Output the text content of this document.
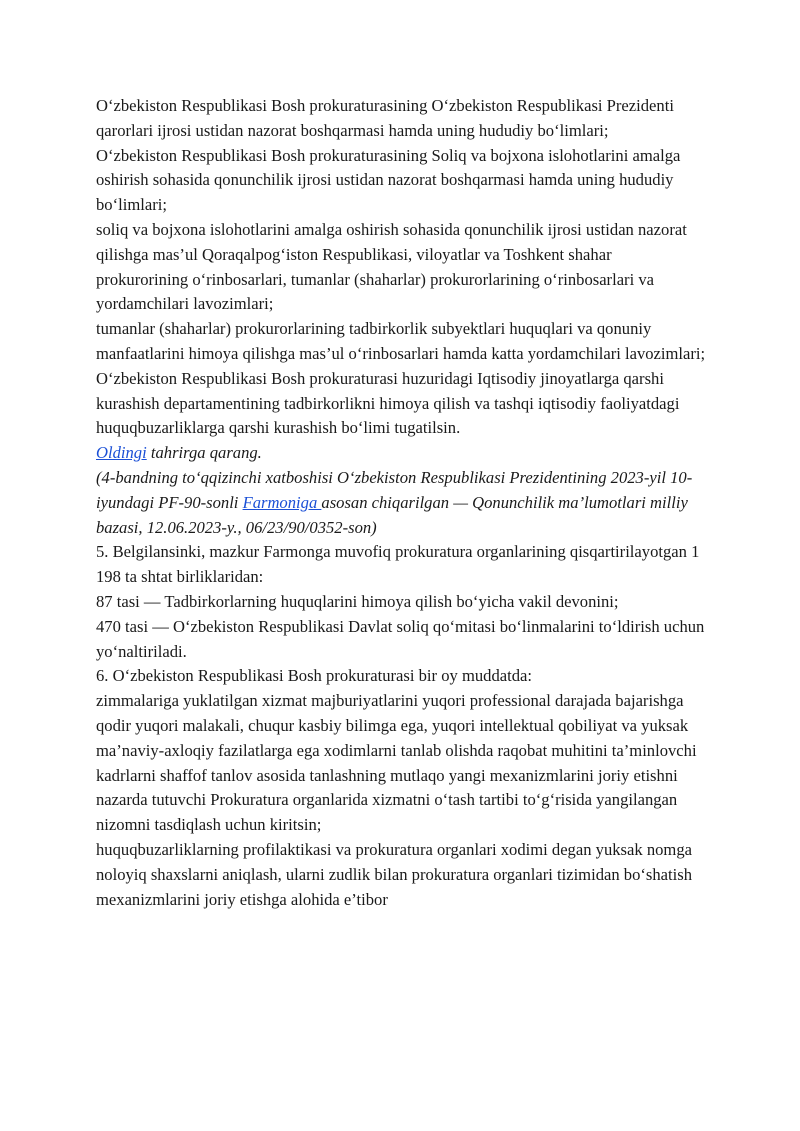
O‘zbekiston Respublikasi Bosh prokuraturasining O‘zbekiston Respublikasi Prezidenti qarorlari ijrosi ustidan nazorat boshqarmasi hamda uning hududiy bo‘limlari;

O‘zbekiston Respublikasi Bosh prokuraturasining Soliq va bojxona islohotlarini amalga oshirish sohasida qonunchilik ijrosi ustidan nazorat boshqarmasi hamda uning hududiy bo‘limlari;

soliq va bojxona islohotlarini amalga oshirish sohasida qonunchilik ijrosi ustidan nazorat qilishga mas’ul Qoraqalpog‘iston Respublikasi, viloyatlar va Toshkent shahar prokurorining o‘rinbosarlari, tumanlar (shaharlar) prokurorlarining o‘rinbosarlari va yordamchilari lavozimlari;

tumanlar (shaharlar) prokurorlarining tadbirkorlik subyektlari huquqlari va qonuniy manfaatlarini himoya qilishga mas’ul o‘rinbosarlari hamda katta yordamchilari lavozimlari;

O‘zbekiston Respublikasi Bosh prokuraturasi huzuridagi Iqtisodiy jinoyatlarga qarshi kurashish departamentining tadbirkorlikni himoya qilish va tashqi iqtisodiy faoliyatdagi huquqbuzarliklarga qarshi kurashish bo‘limi tugatilsin.

Oldingi tahrirga qarang.

(4-bandning to‘qqizinchi xatboshisi O‘zbekiston Respublikasi Prezidentining 2023-yil 10-iyundagi PF-90-sonli Farmoniga asosan chiqarilgan — Qonunchilik ma’lumotlari milliy bazasi, 12.06.2023-y., 06/23/90/0352-son)

5. Belgilansinki, mazkur Farmonga muvofiq prokuratura organlarining qisqartirilayotgan 1 198 ta shtat birliklaridan:

87 tasi — Tadbirkorlarning huquqlarini himoya qilish bo‘yicha vakil devonini;

470 tasi — O‘zbekiston Respublikasi Davlat soliq qo‘mitasi bo‘linmalarini to‘ldirish uchun yo‘naltiriladi.

6. O‘zbekiston Respublikasi Bosh prokuraturasi bir oy muddatda:

zimmalariga yuklatilgan xizmat majburiyatlarini yuqori professional darajada bajarishga qodir yuqori malakali, chuqur kasbiy bilimga ega, yuqori intellektual qobiliyat va yuksak ma’naviy-axloqiy fazilatlarga ega xodimlarni tanlab olishda raqobat muhitini ta’minlovchi kadrlarni shaffof tanlov asosida tanlashning mutlaqo yangi mexanizmlarini joriy etishni nazarda tutuvchi Prokuratura organlarida xizmatni o‘tash tartibi to‘g‘risida yangilangan nizomni tasdiqlash uchun kiritsin;

huquqbuzarliklarning profilaktikasi va prokuratura organlari xodimi degan yuksak nomga noloyiq shaxslarni aniqlash, ularni zudlik bilan prokuratura organlari tizimidan bo‘shatish mexanizmlarini joriy etishga alohida e’tibor
